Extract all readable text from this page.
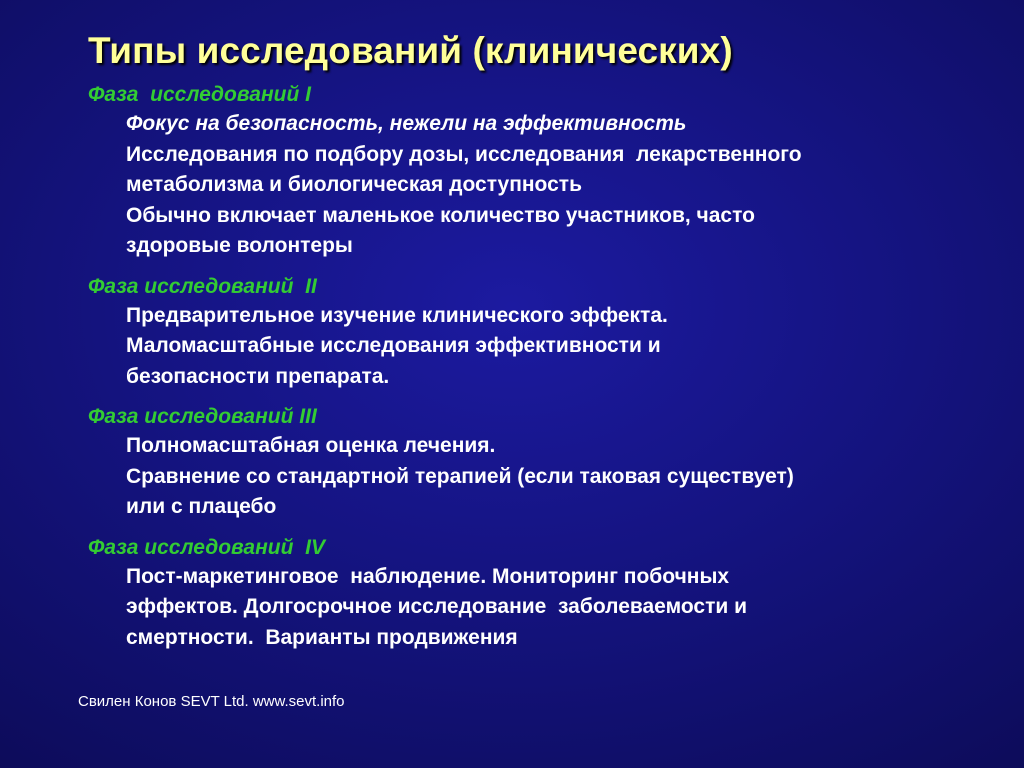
Типы исследований (клинических)

Фаза  исследований I

Фокус на безопасность, нежели на эффективность
Исследования по подбору дозы, исследования  лекарственного
метаболизма и биологическая доступность
Обычно включает маленькое количество участников, часто
здоровые волонтеры

Фаза исследований  II

Предварительное изучение клинического эффекта.
Маломасштабные исследования эффективности и
безопасности препарата.

Фаза исследований III

Полномасштабная оценка лечения.
Сравнение со стандартной терапией (если таковая существует)
или с плацебо

Фаза исследований  IV

Пост-маркетинговое  наблюдение. Мониторинг побочных
эффектов. Долгосрочное исследование  заболеваемости и
смертности.  Варианты продвижения

Свилен Конов SEVT Ltd. www.sevt.info
